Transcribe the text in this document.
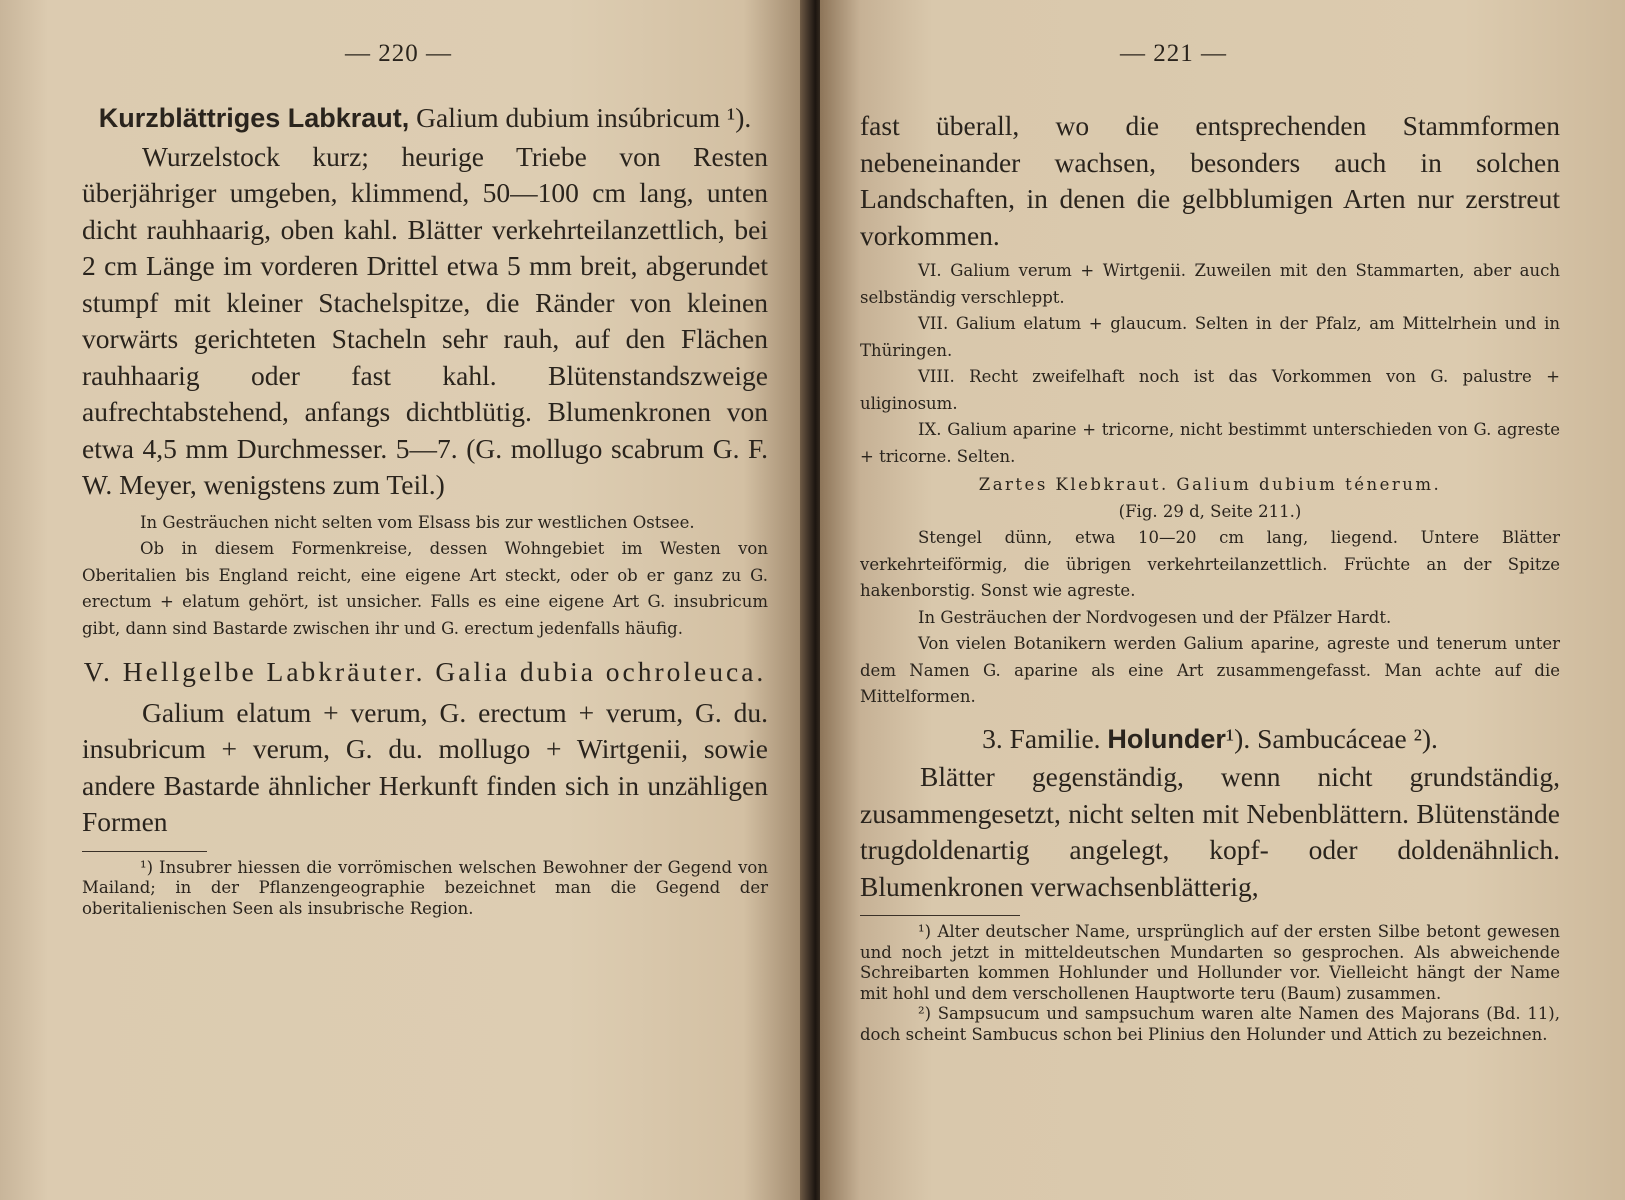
— 220 —

Kurzblättriges Labkraut, Galium dubium insúbricum ¹).

Wurzelstock kurz; heurige Triebe von Resten überjähriger umgeben, klimmend, 50—100 cm lang, unten dicht rauhhaarig, oben kahl. Blätter verkehrteilanzettlich, bei 2 cm Länge im vorderen Drittel etwa 5 mm breit, abgerundet stumpf mit kleiner Stachelspitze, die Ränder von kleinen vorwärts gerichteten Stacheln sehr rauh, auf den Flächen rauhhaarig oder fast kahl. Blütenstandszweige aufrechtabstehend, anfangs dichtblütig. Blumenkronen von etwa 4,5 mm Durchmesser. 5—7. (G. mollugo scabrum G. F. W. Meyer, wenigstens zum Teil.)

In Gesträuchen nicht selten vom Elsass bis zur westlichen Ostsee.

Ob in diesem Formenkreise, dessen Wohngebiet im Westen von Oberitalien bis England reicht, eine eigene Art steckt, oder ob er ganz zu G. erectum + elatum gehört, ist unsicher. Falls es eine eigene Art G. insubricum gibt, dann sind Bastarde zwischen ihr und G. erectum jedenfalls häufig.

V. Hellgelbe Labkräuter. Galia dubia ochroleuca.

Galium elatum + verum, G. erectum + verum, G. du. insubricum + verum, G. du. mollugo + Wirtgenii, sowie andere Bastarde ähnlicher Herkunft finden sich in unzähligen Formen

¹) Insubrer hiessen die vorrömischen welschen Bewohner der Gegend von Mailand; in der Pflanzengeographie bezeichnet man die Gegend der oberitalienischen Seen als insubrische Region.

— 221 —

fast überall, wo die entsprechenden Stammformen nebeneinander wachsen, besonders auch in solchen Landschaften, in denen die gelbblumigen Arten nur zerstreut vorkommen.

VI. Galium verum + Wirtgenii. Zuweilen mit den Stammarten, aber auch selbständig verschleppt.

VII. Galium elatum + glaucum. Selten in der Pfalz, am Mittelrhein und in Thüringen.

VIII. Recht zweifelhaft noch ist das Vorkommen von G. palustre + uliginosum.

IX. Galium aparine + tricorne, nicht bestimmt unterschieden von G. agreste + tricorne. Selten.

Zartes Klebkraut. Galium dubium ténerum.

(Fig. 29 d, Seite 211.)

Stengel dünn, etwa 10—20 cm lang, liegend. Untere Blätter verkehrteiförmig, die übrigen verkehrteilanzettlich. Früchte an der Spitze hakenborstig. Sonst wie agreste.

In Gesträuchen der Nordvogesen und der Pfälzer Hardt.

Von vielen Botanikern werden Galium aparine, agreste und tenerum unter dem Namen G. aparine als eine Art zusammengefasst. Man achte auf die Mittelformen.

3. Familie. Holunder¹). Sambucáceae ²).

Blätter gegenständig, wenn nicht grundständig, zusammengesetzt, nicht selten mit Nebenblättern. Blütenstände trugdoldenartig angelegt, kopf- oder doldenähnlich. Blumenkronen verwachsenblätterig,

¹) Alter deutscher Name, ursprünglich auf der ersten Silbe betont gewesen und noch jetzt in mitteldeutschen Mundarten so gesprochen. Als abweichende Schreibarten kommen Hohlunder und Hollunder vor. Vielleicht hängt der Name mit hohl und dem verschollenen Hauptworte teru (Baum) zusammen.

²) Sampsucum und sampsuchum waren alte Namen des Majorans (Bd. 11), doch scheint Sambucus schon bei Plinius den Holunder und Attich zu bezeichnen.
